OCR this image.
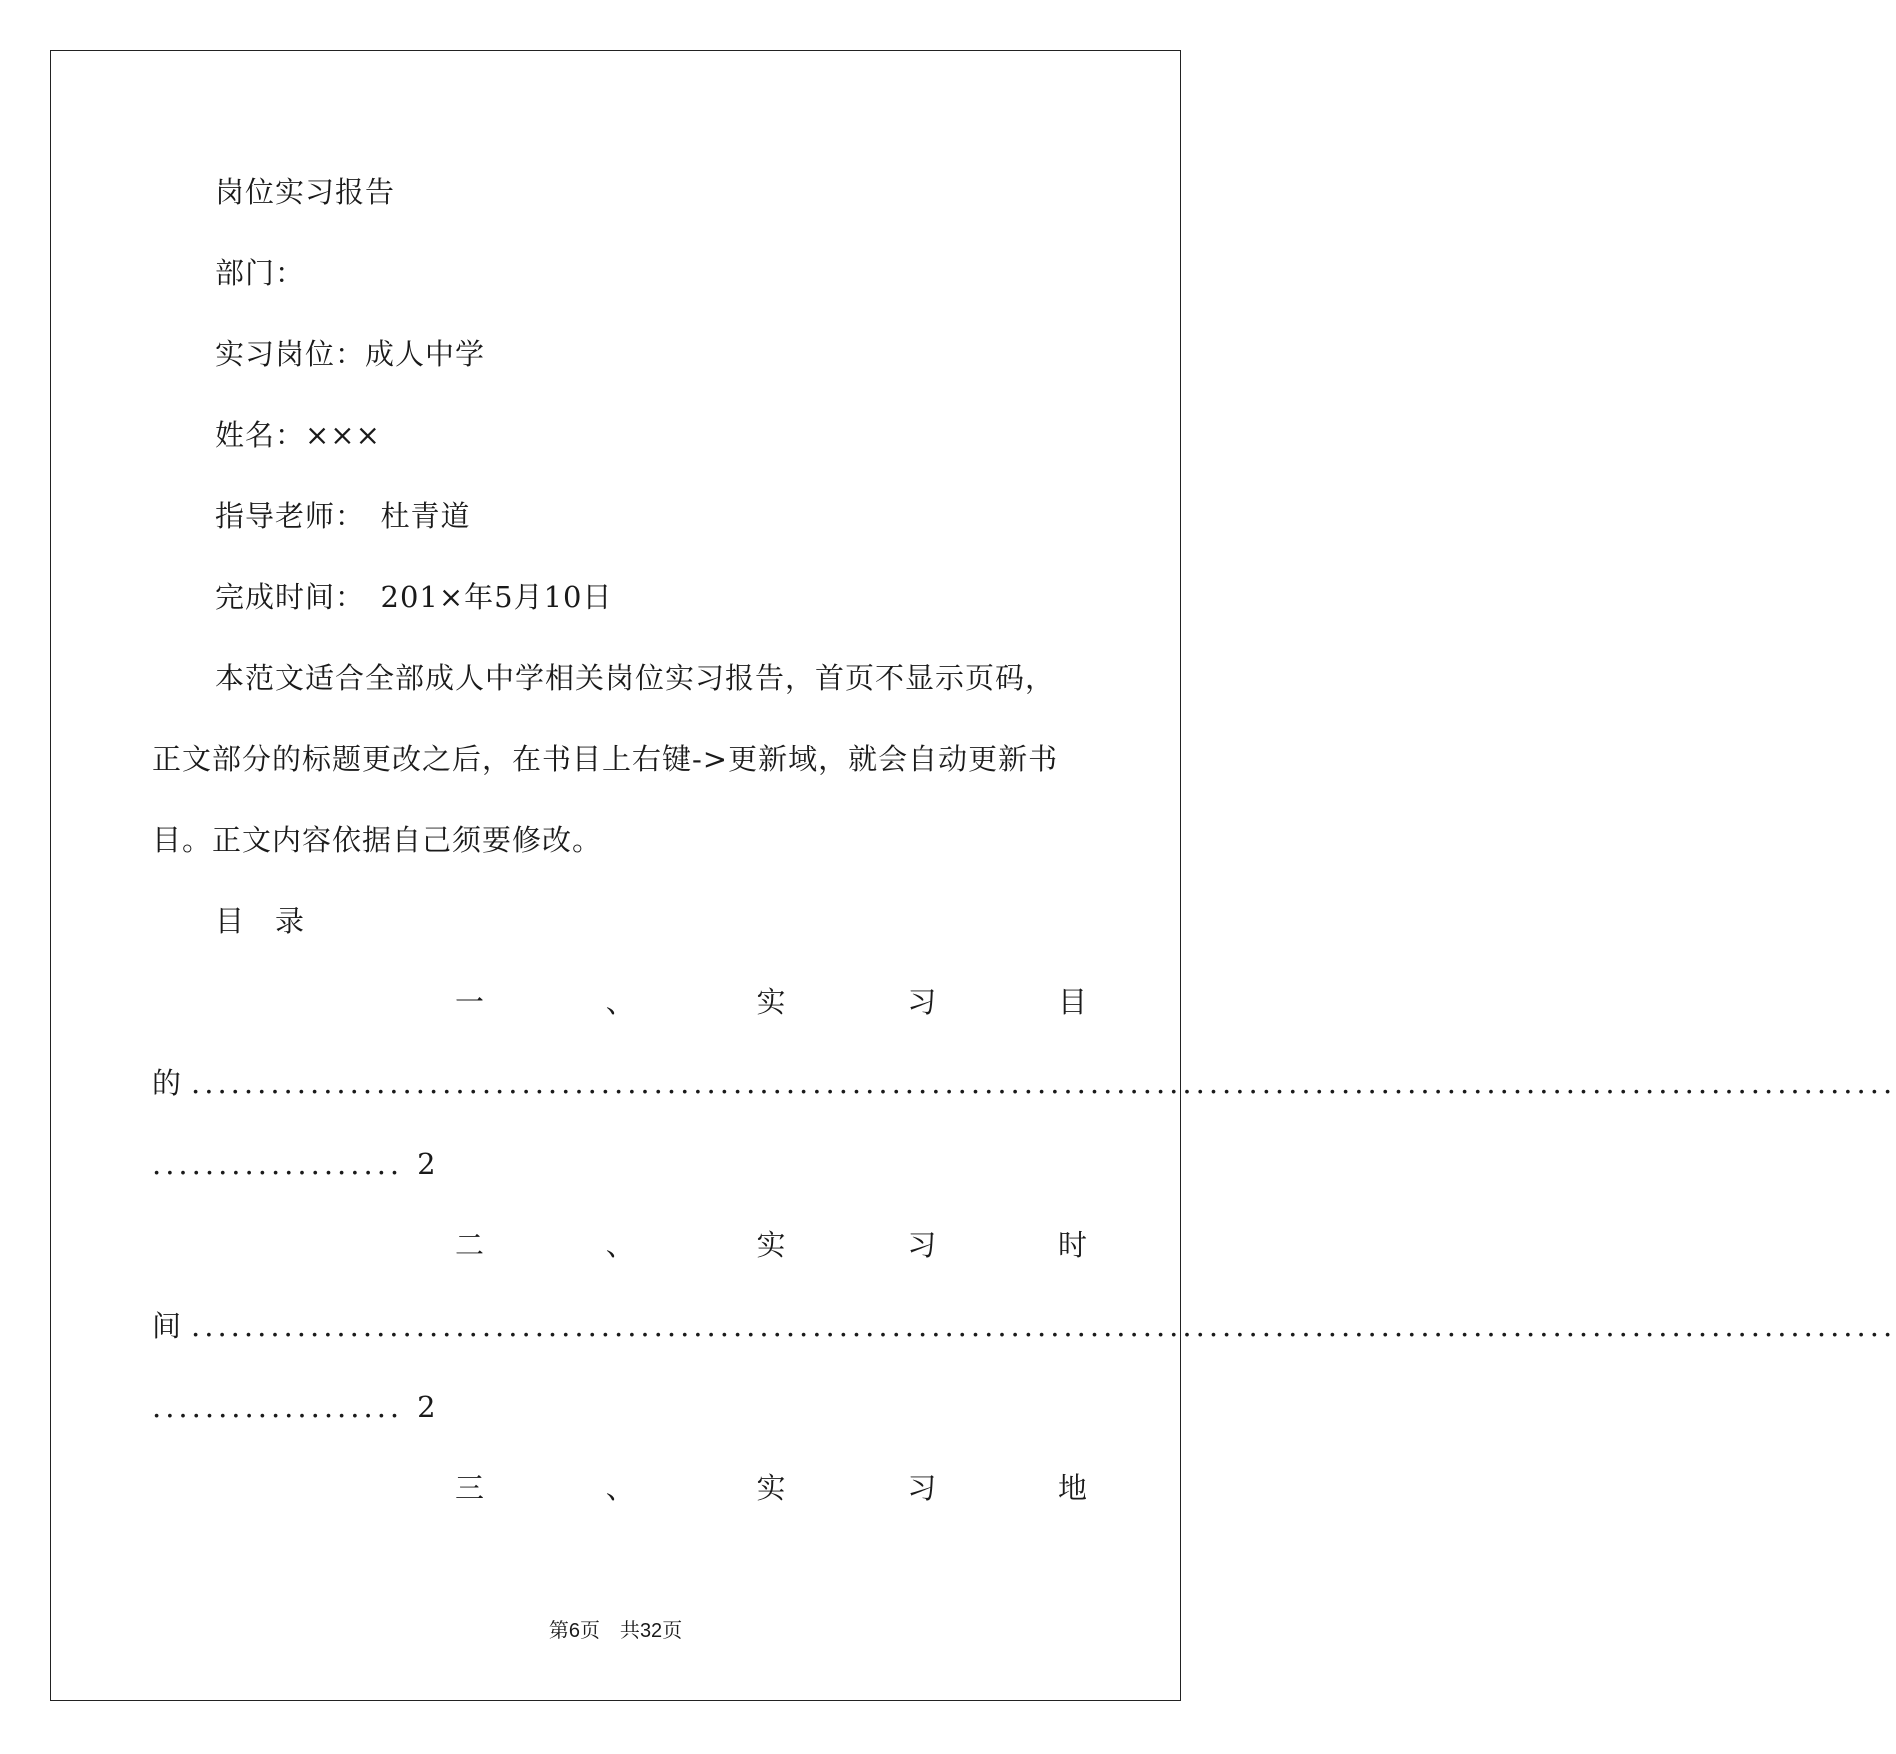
岗位实习报告
部门：
实习岗位：成人中学
姓名：×××
指导老师：　杜青道
完成时间：　201×年5月10日
本范文适合全部成人中学相关岗位实习报告，首页不显示页码，
正文部分的标题更改之后，在书目上右键->更新域，就会自动更新书
目。正文内容依据自己须要修改。
目　录
一	、	实	习	目
的 .................................................................................................................................
................... 2
二	、	实	习	时
间 .................................................................................................................................
................... 2
三	、	实	习	地
第6页　共32页
